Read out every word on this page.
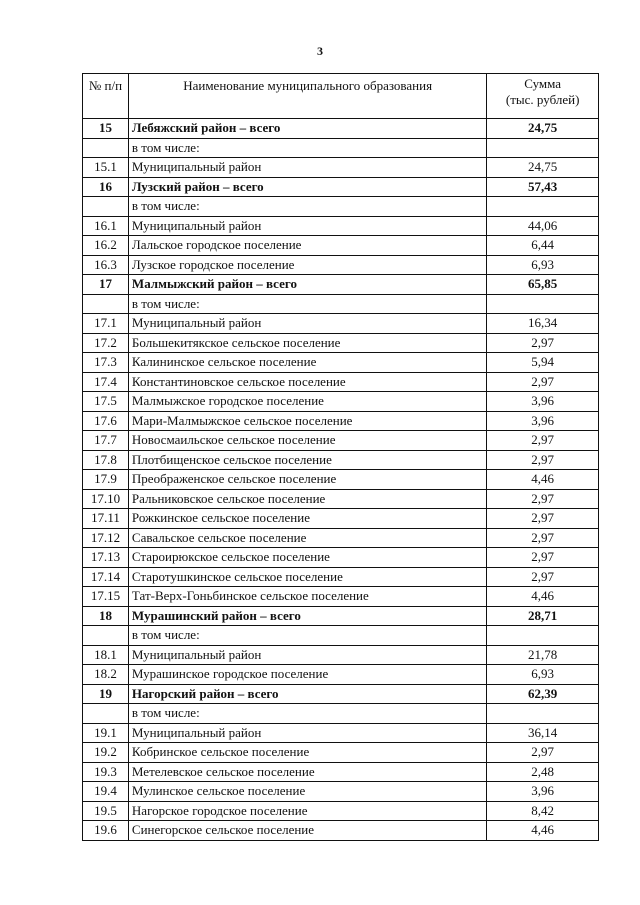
3
№ п/п	Наименование муниципального образования	Сумма
(тыс. рублей)

15	Лебяжский район – всего	24,75
	в том числе:	
15.1	Муниципальный район	24,75
16	Лузский район – всего	57,43
	в том числе:	
16.1	Муниципальный район	44,06
16.2	Лальское городское поселение	6,44
16.3	Лузское городское поселение	6,93
17	Малмыжский район – всего	65,85
	в том числе:	
17.1	Муниципальный район	16,34
17.2	Большекитякское сельское поселение	2,97
17.3	Калининское сельское поселение	5,94
17.4	Константиновское сельское поселение	2,97
17.5	Малмыжское городское поселение	3,96
17.6	Мари-Малмыжское сельское поселение	3,96
17.7	Новосмаильское сельское поселение	2,97
17.8	Плотбищенское сельское поселение	2,97
17.9	Преображенское сельское поселение	4,46
17.10	Ральниковское сельское поселение	2,97
17.11	Рожкинское сельское поселение	2,97
17.12	Савальское сельское поселение	2,97
17.13	Староирюкское сельское поселение	2,97
17.14	Старотушкинское сельское поселение	2,97
17.15	Тат-Верх-Гоньбинское сельское поселение	4,46
18	Мурашинский район – всего	28,71
	в том числе:	
18.1	Муниципальный район	21,78
18.2	Мурашинское городское поселение	6,93
19	Нагорский район – всего	62,39
	в том числе:	
19.1	Муниципальный район	36,14
19.2	Кобринское сельское поселение	2,97
19.3	Метелевское сельское поселение	2,48
19.4	Мулинское сельское поселение	3,96
19.5	Нагорское городское поселение	8,42
19.6	Синегорское сельское поселение	4,46
